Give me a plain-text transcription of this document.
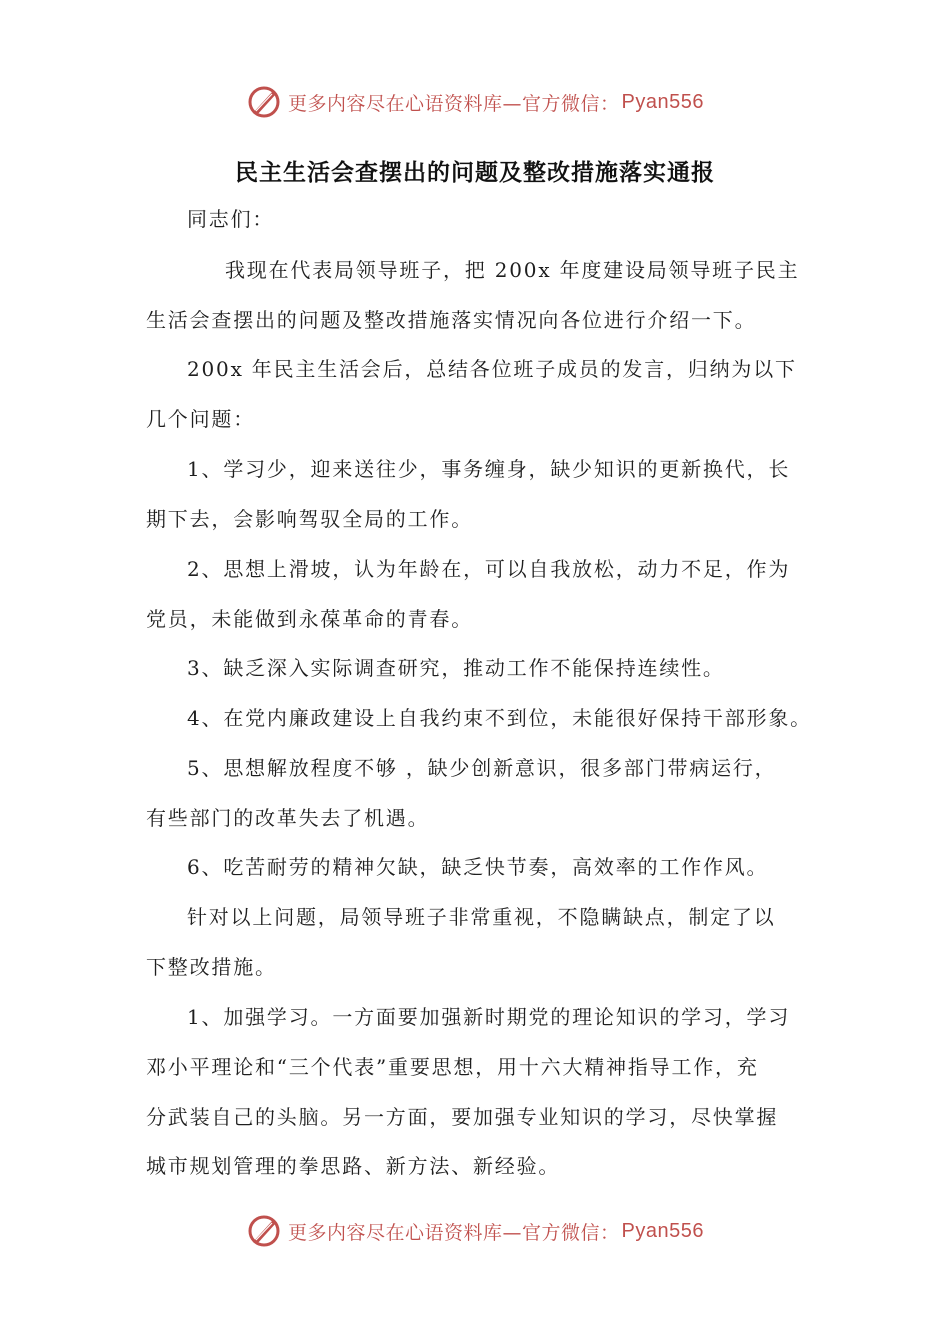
更多内容尽在心语资料库—官方微信： Pyan556
民主生活会查摆出的问题及整改措施落实通报
同志们：
我现在代表局领导班子，把 200x 年度建设局领导班子民主
生活会查摆出的问题及整改措施落实情况向各位进行介绍一下。
200x 年民主生活会后，总结各位班子成员的发言，归纳为以下
几个问题：
1、学习少，迎来送往少，事务缠身，缺少知识的更新换代，长
期下去，会影响驾驭全局的工作。
2、思想上滑坡，认为年龄在，可以自我放松，动力不足，作为
党员，未能做到永葆革命的青春。
3、缺乏深入实际调查研究，推动工作不能保持连续性。
4、在党内廉政建设上自我约束不到位，未能很好保持干部形象。
5、思想解放程度不够 ，缺少创新意识，很多部门带病运行，
有些部门的改革失去了机遇。
6、吃苦耐劳的精神欠缺，缺乏快节奏，高效率的工作作风。
针对以上问题，局领导班子非常重视，不隐瞒缺点，制定了以
下整改措施。
1、加强学习。一方面要加强新时期党的理论知识的学习，学习
邓小平理论和“三个代表”重要思想，用十六大精神指导工作，充
分武装自己的头脑。另一方面，要加强专业知识的学习，尽快掌握
城市规划管理的拳思路、新方法、新经验。
更多内容尽在心语资料库—官方微信： Pyan556
